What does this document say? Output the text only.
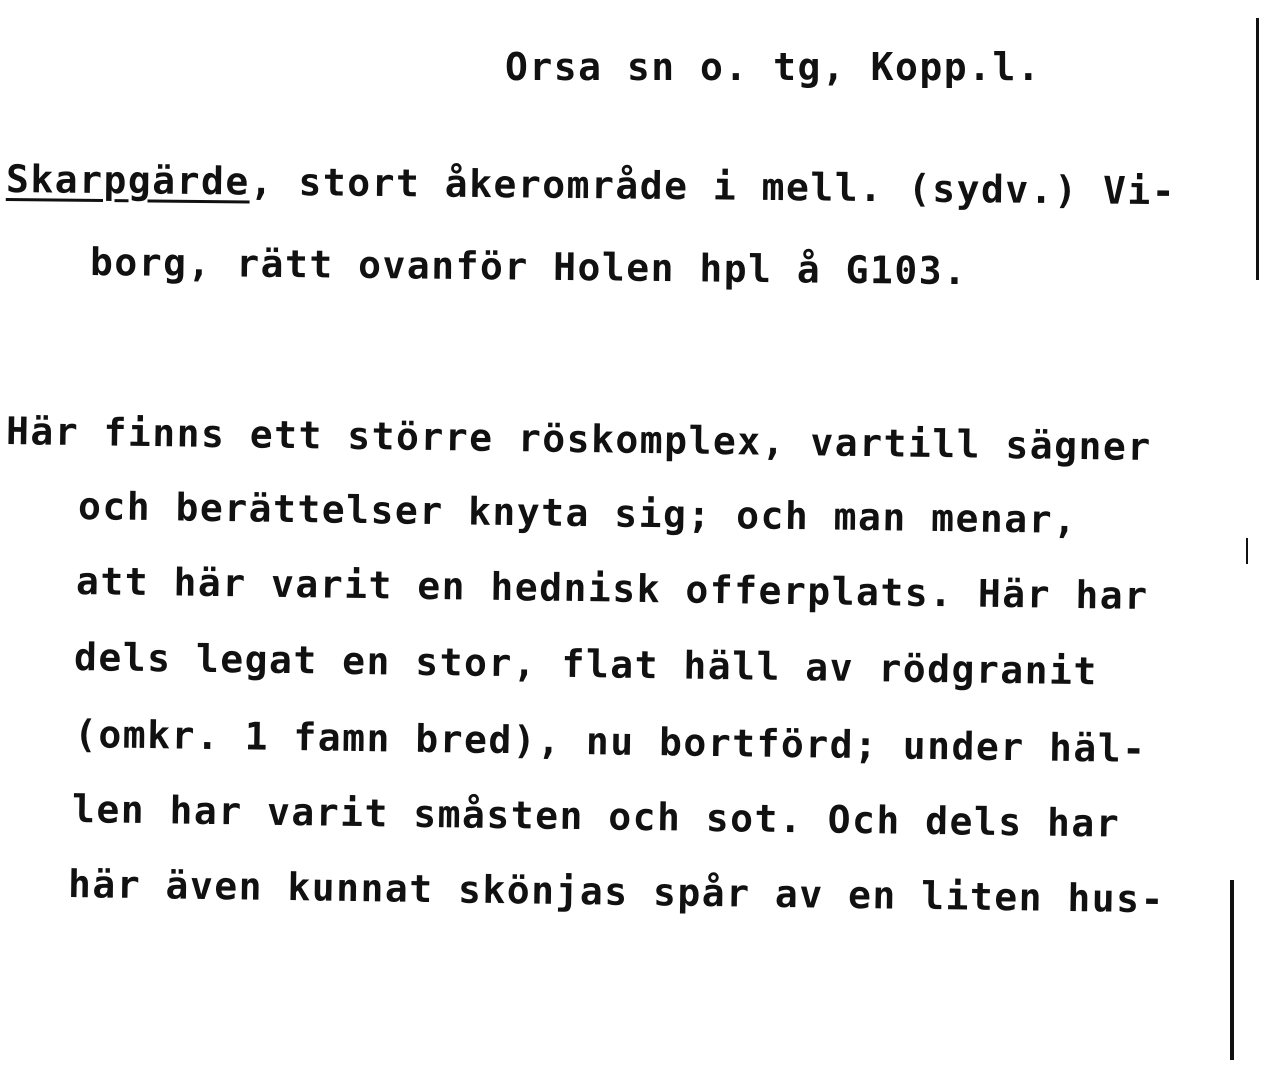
Orsa sn o. tg, Kopp.l.
Skarpgärde, stort åkerområde i mell. (sydv.) Vi-
borg, rätt ovanför Holen hpl å G103.
Här finns ett större röskomplex, vartill sägner
och berättelser knyta sig; och man menar,
att här varit en hednisk offerplats. Här har
dels legat en stor, flat häll av rödgranit
(omkr. 1 famn bred), nu bortförd; under häl-
len har varit småsten och sot. Och dels har
här även kunnat skönjas spår av en liten hus-
